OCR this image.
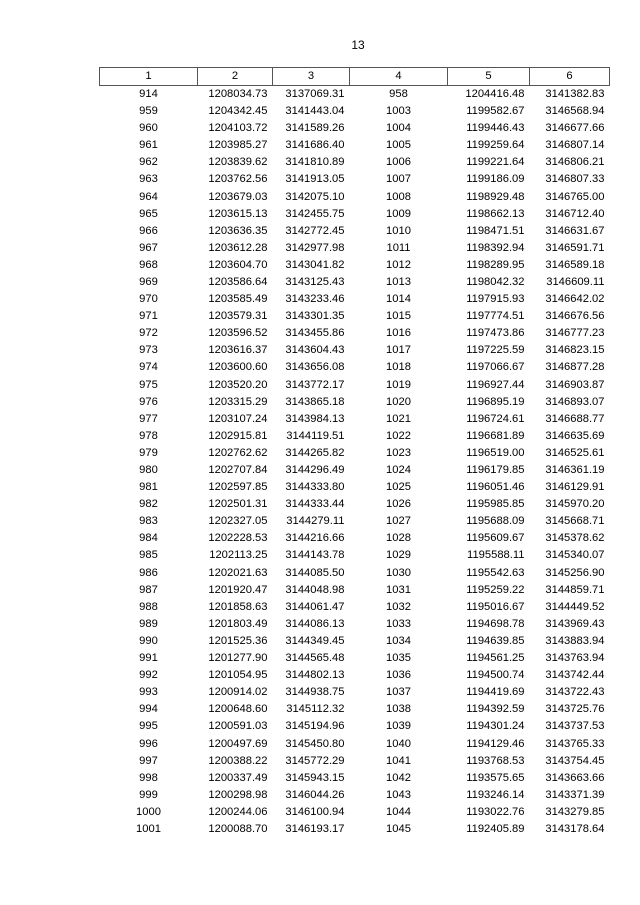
13
1	2	3	4	5	6
914	1208034.73	3137069.31	958	1204416.48	3141382.83
959	1204342.45	3141443.04	1003	1199582.67	3146568.94
960	1204103.72	3141589.26	1004	1199446.43	3146677.66
961	1203985.27	3141686.40	1005	1199259.64	3146807.14
962	1203839.62	3141810.89	1006	1199221.64	3146806.21
963	1203762.56	3141913.05	1007	1199186.09	3146807.33
964	1203679.03	3142075.10	1008	1198929.48	3146765.00
965	1203615.13	3142455.75	1009	1198662.13	3146712.40
966	1203636.35	3142772.45	1010	1198471.51	3146631.67
967	1203612.28	3142977.98	1011	1198392.94	3146591.71
968	1203604.70	3143041.82	1012	1198289.95	3146589.18
969	1203586.64	3143125.43	1013	1198042.32	3146609.11
970	1203585.49	3143233.46	1014	1197915.93	3146642.02
971	1203579.31	3143301.35	1015	1197774.51	3146676.56
972	1203596.52	3143455.86	1016	1197473.86	3146777.23
973	1203616.37	3143604.43	1017	1197225.59	3146823.15
974	1203600.60	3143656.08	1018	1197066.67	3146877.28
975	1203520.20	3143772.17	1019	1196927.44	3146903.87
976	1203315.29	3143865.18	1020	1196895.19	3146893.07
977	1203107.24	3143984.13	1021	1196724.61	3146688.77
978	1202915.81	3144119.51	1022	1196681.89	3146635.69
979	1202762.62	3144265.82	1023	1196519.00	3146525.61
980	1202707.84	3144296.49	1024	1196179.85	3146361.19
981	1202597.85	3144333.80	1025	1196051.46	3146129.91
982	1202501.31	3144333.44	1026	1195985.85	3145970.20
983	1202327.05	3144279.11	1027	1195688.09	3145668.71
984	1202228.53	3144216.66	1028	1195609.67	3145378.62
985	1202113.25	3144143.78	1029	1195588.11	3145340.07
986	1202021.63	3144085.50	1030	1195542.63	3145256.90
987	1201920.47	3144048.98	1031	1195259.22	3144859.71
988	1201858.63	3144061.47	1032	1195016.67	3144449.52
989	1201803.49	3144086.13	1033	1194698.78	3143969.43
990	1201525.36	3144349.45	1034	1194639.85	3143883.94
991	1201277.90	3144565.48	1035	1194561.25	3143763.94
992	1201054.95	3144802.13	1036	1194500.74	3143742.44
993	1200914.02	3144938.75	1037	1194419.69	3143722.43
994	1200648.60	3145112.32	1038	1194392.59	3143725.76
995	1200591.03	3145194.96	1039	1194301.24	3143737.53
996	1200497.69	3145450.80	1040	1194129.46	3143765.33
997	1200388.22	3145772.29	1041	1193768.53	3143754.45
998	1200337.49	3145943.15	1042	1193575.65	3143663.66
999	1200298.98	3146044.26	1043	1193246.14	3143371.39
1000	1200244.06	3146100.94	1044	1193022.76	3143279.85
1001	1200088.70	3146193.17	1045	1192405.89	3143178.64
